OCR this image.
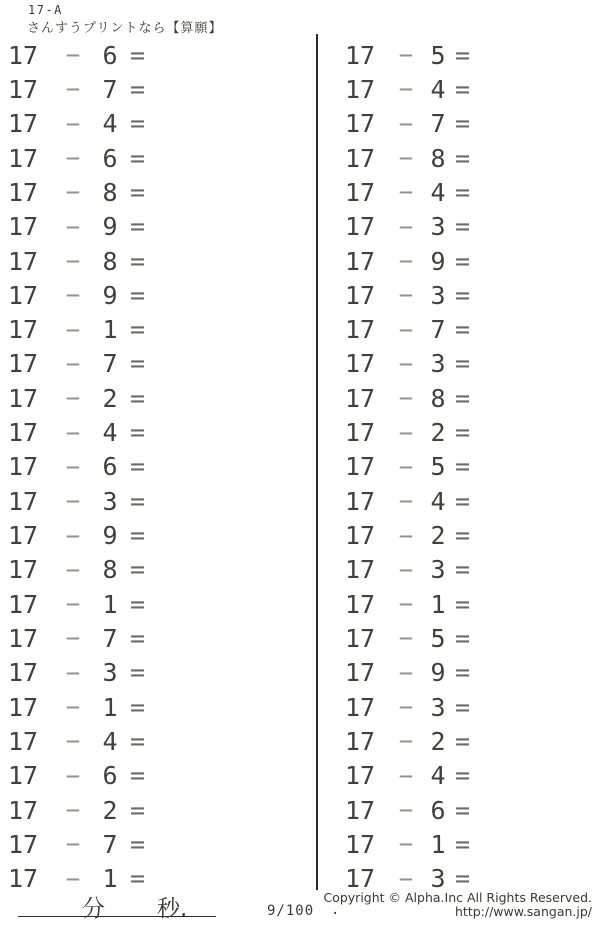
17-A
さんすうプリントなら【算願】
17	− 6 =
17	− 7 =
17	− 4 =
17	− 6 =
17	− 8 =
17	− 9 =
17	− 8 =
17	− 9 =
17	− 1 =
17	− 7 =
17	− 2 =
17	− 4 =
17	− 6 =
17	− 3 =
17	− 9 =
17	− 8 =
17	− 1 =
17	− 7 =
17	− 3 =
17	− 1 =
17	− 4 =
17	− 6 =
17	− 2 =
17	− 7 =
17	− 1 =
17 − 5 =
17 − 4 =
17 − 7 =
17 − 8 =
17 − 4 =
17 − 3 =
17 − 9 =
17 − 3 =
17 − 7 =
17 − 3 =
17 − 8 =
17 − 2 =
17 − 5 =
17 − 4 =
17 − 2 =
17 − 3 =
17 − 1 =
17 − 5 =
17 − 9 =
17 − 3 =
17 − 2 =
17 − 4 =
17 − 6 =
17 − 1 =
17 − 3 =
分 秒.	9/100 .
Copyright © Alpha.Inc All Rights Reserved.
http://www.sangan.jp/
